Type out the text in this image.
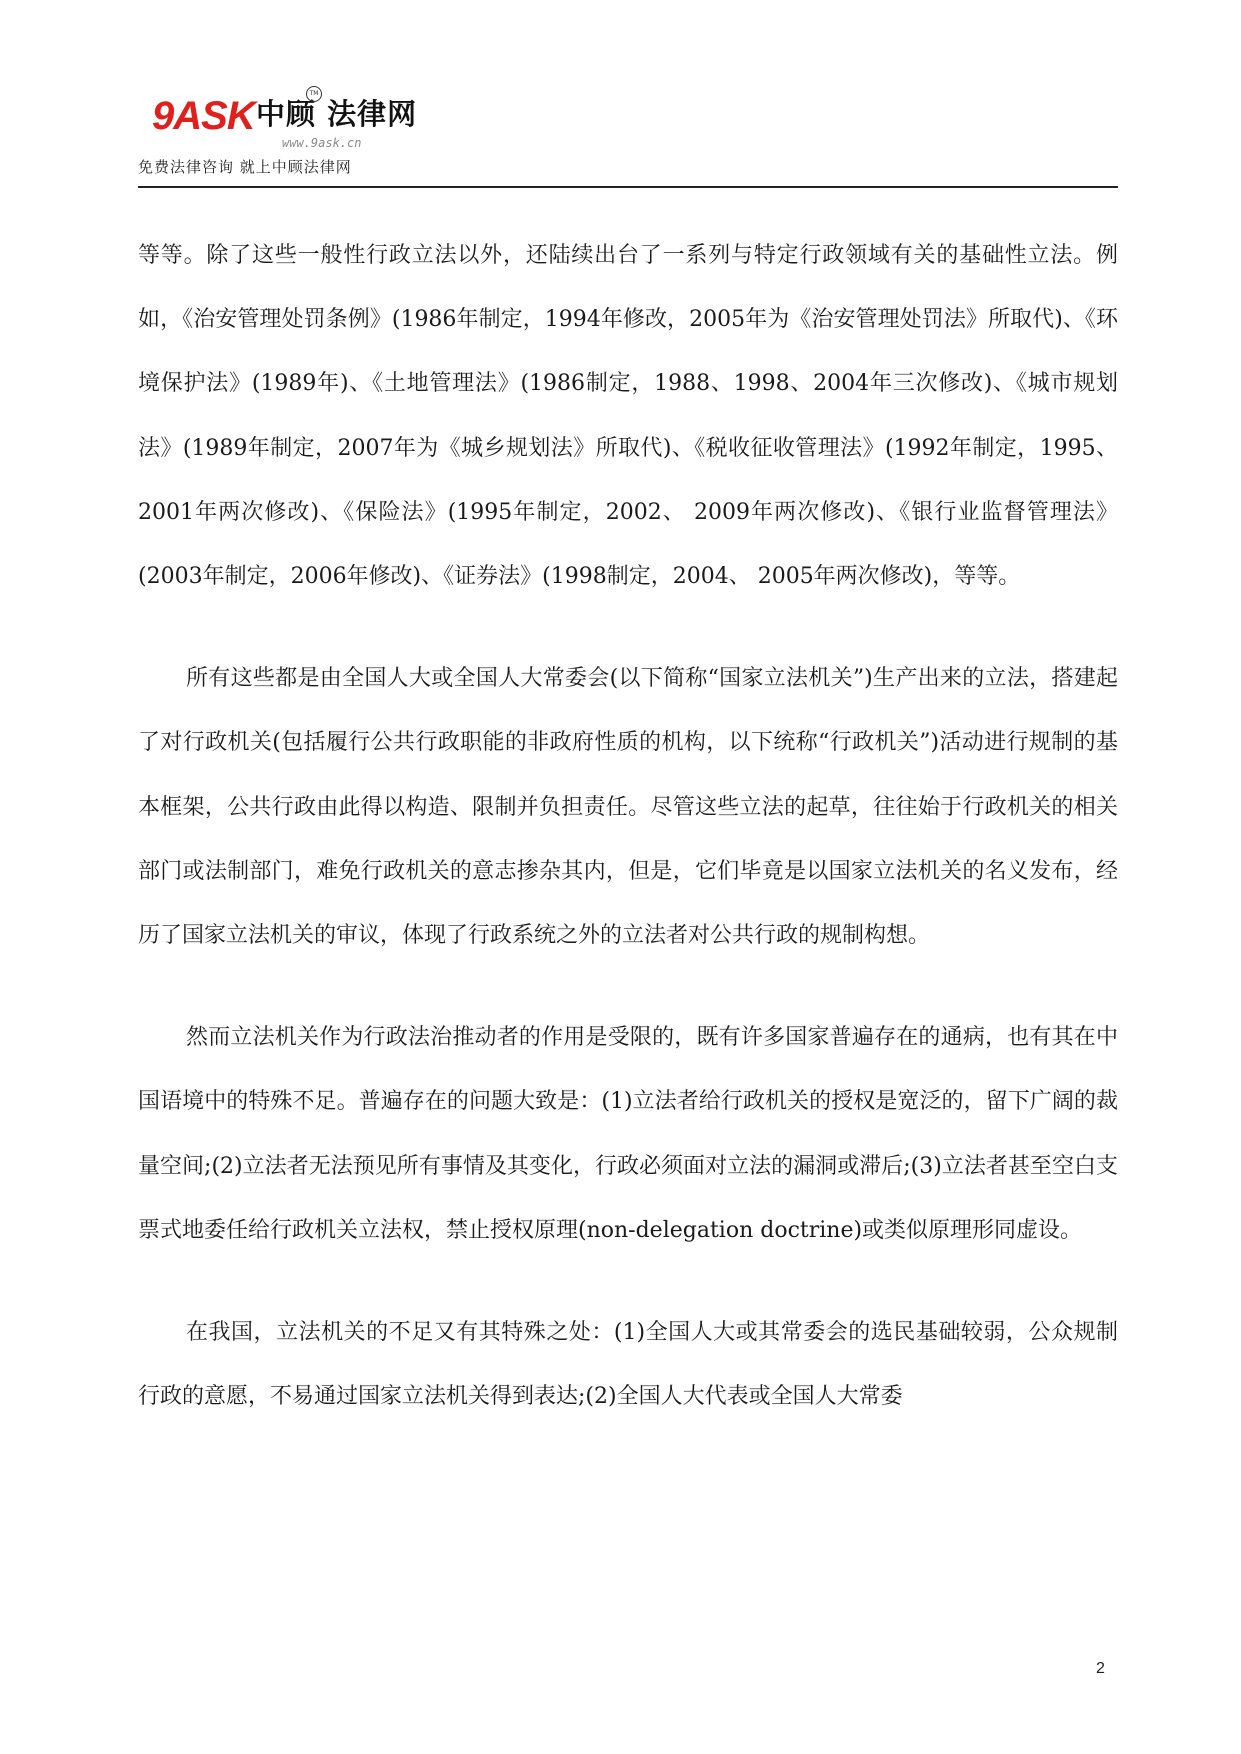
9ASK 中顾 法律网
TM
www.9ask.cn
免费法律咨询 就上中顾法律网

等等。除了这些一般性行政立法以外，还陆续出台了一系列与特定行政领域有关的基础性立法。例如，《治安管理处罚条例》(1986年制定，1994年修改，2005年为《治安管理处罚法》所取代)、《环境保护法》(1989年)、《土地管理法》(1986制定，1988、1998、2004年三次修改)、《城市规划法》(1989年制定，2007年为《城乡规划法》所取代)、《税收征收管理法》(1992年制定，1995、2001年两次修改)、《保险法》(1995年制定，2002、 2009年两次修改)、《银行业监督管理法》(2003年制定，2006年修改)、《证券法》(1998制定，2004、 2005年两次修改)，等等。

所有这些都是由全国人大或全国人大常委会(以下简称“国家立法机关”)生产出来的立法，搭建起了对行政机关(包括履行公共行政职能的非政府性质的机构，以下统称“行政机关”)活动进行规制的基本框架，公共行政由此得以构造、限制并负担责任。尽管这些立法的起草，往往始于行政机关的相关部门或法制部门，难免行政机关的意志掺杂其内，但是，它们毕竟是以国家立法机关的名义发布，经历了国家立法机关的审议，体现了行政系统之外的立法者对公共行政的规制构想。

然而立法机关作为行政法治推动者的作用是受限的，既有许多国家普遍存在的通病，也有其在中国语境中的特殊不足。普遍存在的问题大致是：(1)立法者给行政机关的授权是宽泛的，留下广阔的裁量空间;(2)立法者无法预见所有事情及其变化，行政必须面对立法的漏洞或滞后;(3)立法者甚至空白支票式地委任给行政机关立法权，禁止授权原理(non-delegation doctrine)或类似原理形同虚设。

在我国，立法机关的不足又有其特殊之处：(1)全国人大或其常委会的选民基础较弱，公众规制行政的意愿，不易通过国家立法机关得到表达;(2)全国人大代表或全国人大常委

2
